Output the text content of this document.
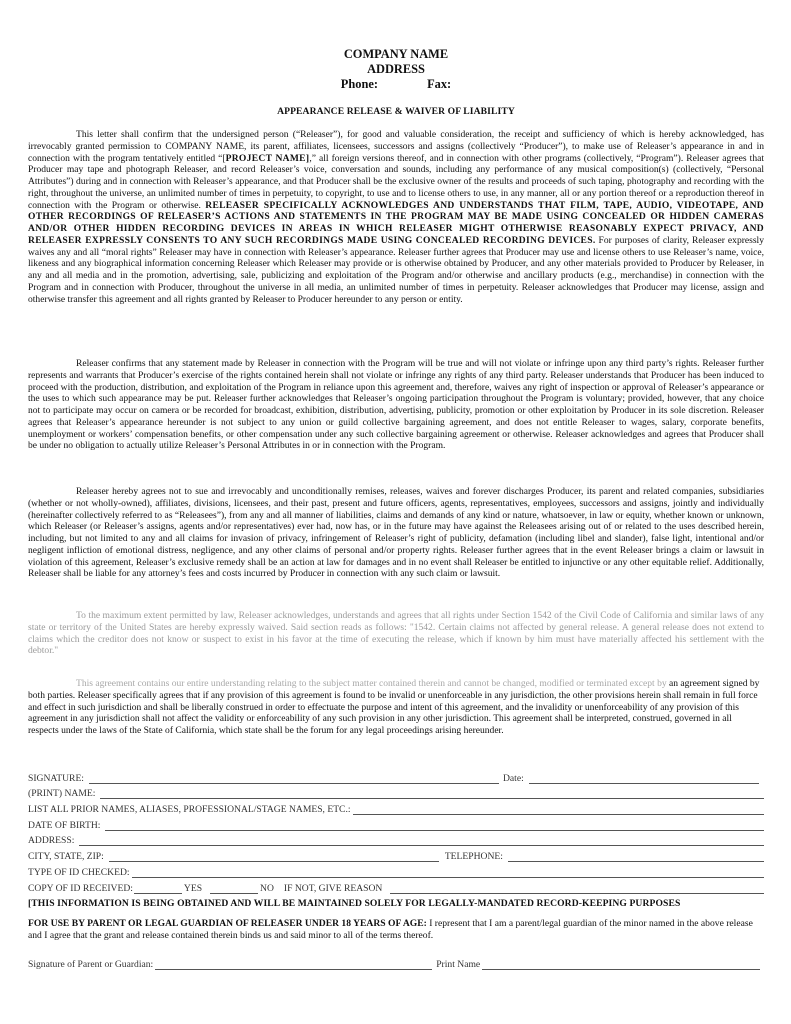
COMPANY NAME
ADDRESS
Phone:	Fax:
APPEARANCE RELEASE & WAIVER OF LIABILITY
This letter shall confirm that the undersigned person (“Releaser”), for good and valuable consideration, the receipt and sufficiency of which is hereby acknowledged, has irrevocably granted permission to COMPANY NAME, its parent, affiliates, licensees, successors and assigns (collectively “Producer”), to make use of Releaser’s appearance in and in connection with the program tentatively entitled “[PROJECT NAME],” all foreign versions thereof, and in connection with other programs (collectively, “Program”). Releaser agrees that Producer may tape and photograph Releaser, and record Releaser’s voice, conversation and sounds, including any performance of any musical composition(s) (collectively, “Personal Attributes”) during and in connection with Releaser’s appearance, and that Producer shall be the exclusive owner of the results and proceeds of such taping, photography and recording with the right, throughout the universe, an unlimited number of times in perpetuity, to copyright, to use and to license others to use, in any manner, all or any portion thereof or a reproduction thereof in connection with the Program or otherwise. RELEASER SPECIFICALLY ACKNOWLEDGES AND UNDERSTANDS THAT FILM, TAPE, AUDIO, VIDEOTAPE, AND OTHER RECORDINGS OF RELEASER’S ACTIONS AND STATEMENTS IN THE PROGRAM MAY BE MADE USING CONCEALED OR HIDDEN CAMERAS AND/OR OTHER HIDDEN RECORDING DEVICES IN AREAS IN WHICH RELEASER MIGHT OTHERWISE REASONABLY EXPECT PRIVACY, AND RELEASER EXPRESSLY CONSENTS TO ANY SUCH RECORDINGS MADE USING CONCEALED RECORDING DEVICES. For purposes of clarity, Releaser expressly waives any and all “moral rights” Releaser may have in connection with Releaser’s appearance. Releaser further agrees that Producer may use and license others to use Releaser’s name, voice, likeness and any biographical information concerning Releaser which Releaser may provide or is otherwise obtained by Producer, and any other materials provided to Producer by Releaser, in any and all media and in the promotion, advertising, sale, publicizing and exploitation of the Program and/or otherwise and ancillary products (e.g., merchandise) in connection with the Program and in connection with Producer, throughout the universe in all media, an unlimited number of times in perpetuity. Releaser acknowledges that Producer may license, assign and otherwise transfer this agreement and all rights granted by Releaser to Producer hereunder to any person or entity.
Releaser confirms that any statement made by Releaser in connection with the Program will be true and will not violate or infringe upon any third party’s rights. Releaser further represents and warrants that Producer’s exercise of the rights contained herein shall not violate or infringe any rights of any third party. Releaser understands that Producer has been induced to proceed with the production, distribution, and exploitation of the Program in reliance upon this agreement and, therefore, waives any right of inspection or approval of Releaser’s appearance or the uses to which such appearance may be put. Releaser further acknowledges that Releaser’s ongoing participation throughout the Program is voluntary; provided, however, that any choice not to participate may occur on camera or be recorded for broadcast, exhibition, distribution, advertising, publicity, promotion or other exploitation by Producer in its sole discretion. Releaser agrees that Releaser’s appearance hereunder is not subject to any union or guild collective bargaining agreement, and does not entitle Releaser to wages, salary, corporate benefits, unemployment or workers’ compensation benefits, or other compensation under any such collective bargaining agreement or otherwise. Releaser acknowledges and agrees that Producer shall be under no obligation to actually utilize Releaser’s Personal Attributes in or in connection with the Program.
Releaser hereby agrees not to sue and irrevocably and unconditionally remises, releases, waives and forever discharges Producer, its parent and related companies, subsidiaries (whether or not wholly-owned), affiliates, divisions, licensees, and their past, present and future officers, agents, representatives, employees, successors and assigns, jointly and individually (hereinafter collectively referred to as “Releasees”), from any and all manner of liabilities, claims and demands of any kind or nature, whatsoever, in law or equity, whether known or unknown, which Releaser (or Releaser’s assigns, agents and/or representatives) ever had, now has, or in the future may have against the Releasees arising out of or related to the uses described herein, including, but not limited to any and all claims for invasion of privacy, infringement of Releaser’s right of publicity, defamation (including libel and slander), false light, intentional and/or negligent infliction of emotional distress, negligence, and any other claims of personal and/or property rights. Releaser further agrees that in the event Releaser brings a claim or lawsuit in violation of this agreement, Releaser’s exclusive remedy shall be an action at law for damages and in no event shall Releaser be entitled to injunctive or any other equitable relief. Additionally, Releaser shall be liable for any attorney’s fees and costs incurred by Producer in connection with any such claim or lawsuit.
To the maximum extent permitted by law, Releaser acknowledges, understands and agrees that all rights under Section 1542 of the Civil Code of California and similar laws of any state or territory of the United States are hereby expressly waived. Said section reads as follows: "1542. Certain claims not affected by general release. A general release does not extend to claims which the creditor does not know or suspect to exist in his favor at the time of executing the release, which if known by him must have materially affected his settlement with the debtor."
This agreement contains our entire understanding relating to the subject matter contained therein and cannot be changed, modified or terminated except by an agreement signed by both parties. Releaser specifically agrees that if any provision of this agreement is found to be invalid or unenforceable in any jurisdiction, the other provisions herein shall remain in full force and effect in such jurisdiction and shall be liberally construed in order to effectuate the purpose and intent of this agreement, and the invalidity or unenforceability of any provision of this agreement in any jurisdiction shall not affect the validity or enforceability of any such provision in any other jurisdiction. This agreement shall be interpreted, construed, governed in all respects under the laws of the State of California, which state shall be the forum for any legal proceedings arising hereunder.
SIGNATURE:	Date:
(PRINT) NAME:
LIST ALL PRIOR NAMES, ALIASES, PROFESSIONAL/STAGE NAMES, ETC.:
DATE OF BIRTH:
ADDRESS:
CITY, STATE, ZIP:	TELEPHONE:
TYPE OF ID CHECKED:
COPY OF ID RECEIVED:	YES	NO IF NOT, GIVE REASON
[THIS INFORMATION IS BEING OBTAINED AND WILL BE MAINTAINED SOLELY FOR LEGALLY-MANDATED RECORD-KEEPING PURPOSES
FOR USE BY PARENT OR LEGAL GUARDIAN OF RELEASER UNDER 18 YEARS OF AGE: I represent that I am a parent/legal guardian of the minor named in the above release and I agree that the grant and release contained therein binds us and said minor to all of the terms thereof.
Signature of Parent or Guardian:	Print Name
